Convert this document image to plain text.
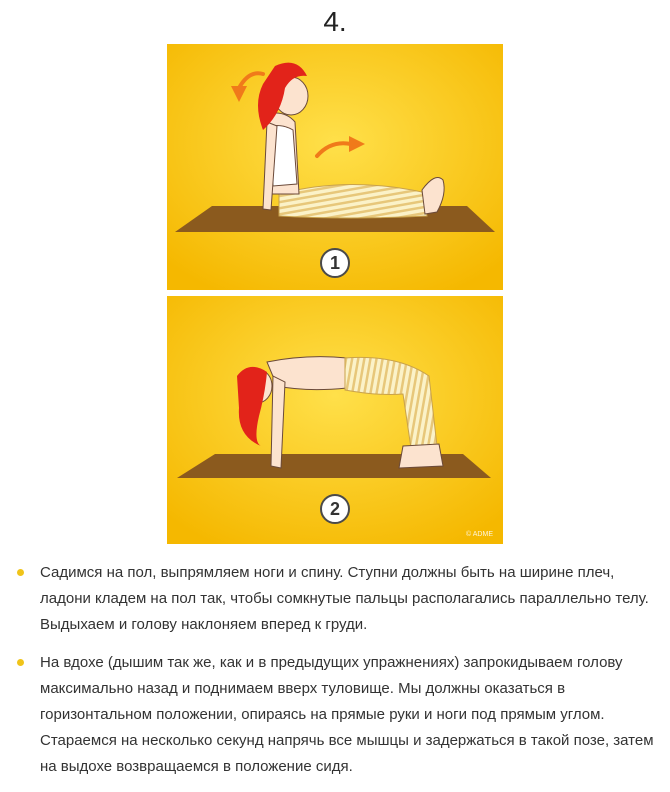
4.
1
2
© ADME
Садимся на пол, выпрямляем ноги и спину. Ступни должны быть на ширине плеч, ладони кладем на пол так, чтобы сомкнутые пальцы располагались параллельно телу. Выдыхаем и голову наклоняем вперед к груди.
На вдохе (дышим так же, как и в предыдущих упражнениях) запрокидываем голову максимально назад и поднимаем вверх туловище. Мы должны оказаться в горизонтальном положении, опираясь на прямые руки и ноги под прямым углом. Стараемся на несколько секунд напрячь все мышцы и задержаться в такой позе, затем на выдохе возвращаемся в положение сидя.
